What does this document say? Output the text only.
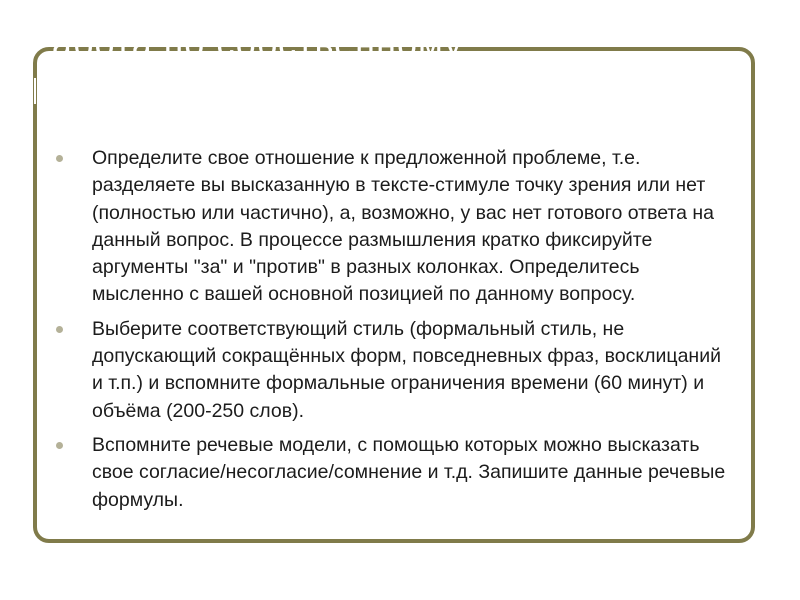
Работа по собственному
Определите свое отношение к предложенной проблеме, т.е. разделяете вы высказанную в тексте-стимуле точку зрения или нет (полностью или частично), а, возможно, у вас нет готового ответа на данный вопрос. В процессе размышления кратко фиксируйте аргументы "за" и "против" в разных колонках. Определитесь мысленно с вашей основной позицией по данному вопросу.
Выберите соответствующий стиль (формальный стиль, не допускающий сокращённых форм, повседневных фраз, восклицаний и т.п.) и вспомните формальные ограничения времени (60 минут) и объёма (200-250 слов).
Вспомните речевые модели, с помощью которых можно высказать свое согласие/несогласие/сомнение и т.д. Запишите данные речевые формулы.
